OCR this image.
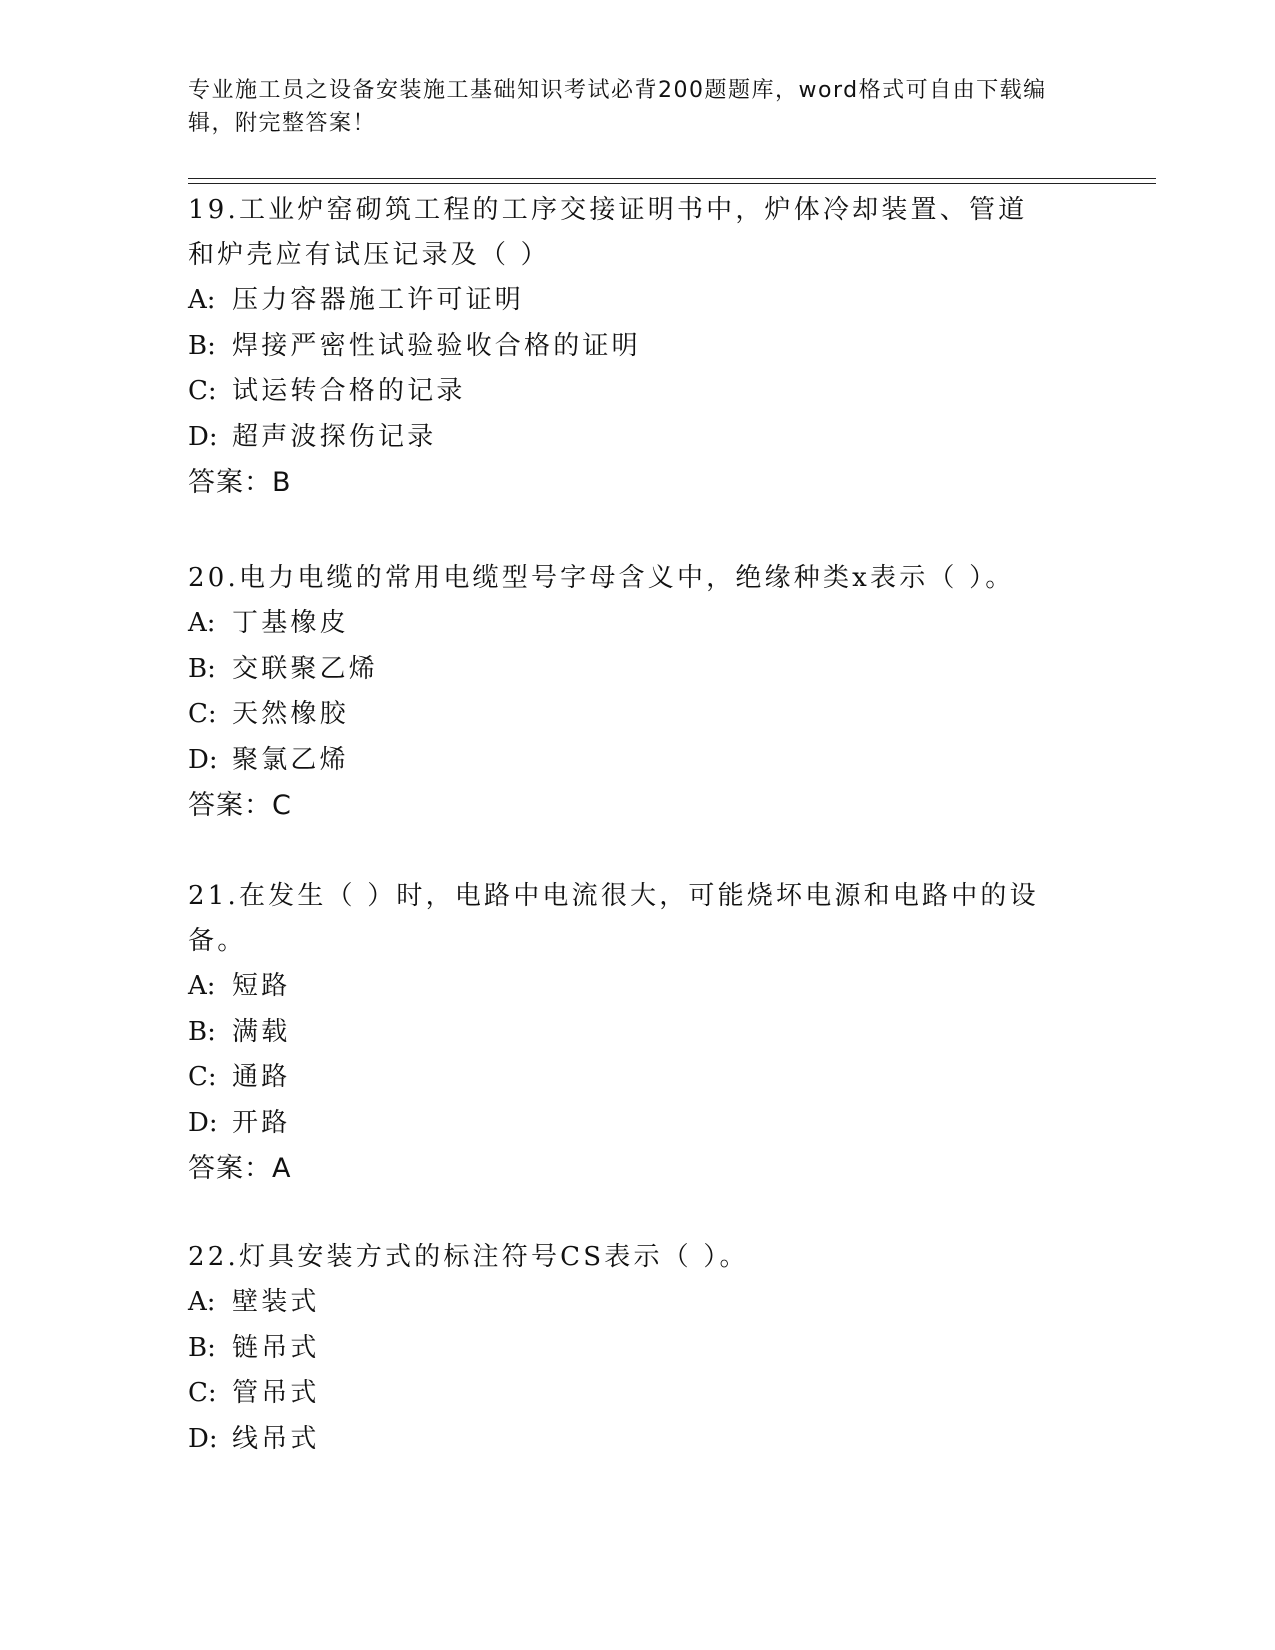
专业施工员之设备安装施工基础知识考试必背200题题库，word格式可自由下载编辑，附完整答案！

19.工业炉窑砌筑工程的工序交接证明书中，炉体冷却装置、管道和炉壳应有试压记录及（ ）

A: 压力容器施工许可证明
B: 焊接严密性试验验收合格的证明
C: 试运转合格的记录
D: 超声波探伤记录
答案：B

20.电力电缆的常用电缆型号字母含义中，绝缘种类x表示（ ）。

A: 丁基橡皮
B: 交联聚乙烯
C: 天然橡胶
D: 聚氯乙烯
答案：C

21.在发生（ ）时，电路中电流很大，可能烧坏电源和电路中的设备。

A: 短路
B: 满载
C: 通路
D: 开路
答案：A

22.灯具安装方式的标注符号CS表示（ ）。

A: 壁装式
B: 链吊式
C: 管吊式
D: 线吊式
